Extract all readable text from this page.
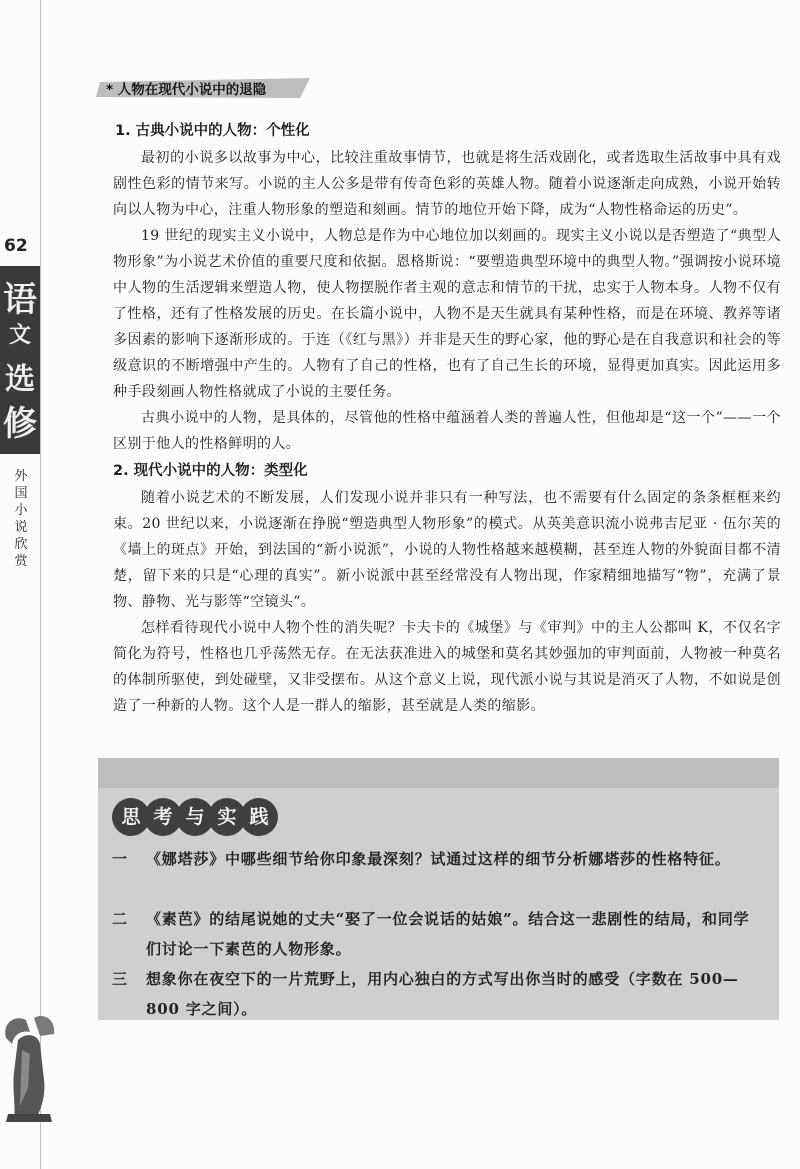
62
语
文
选
修
外
国
小
说
欣
赏
* 人物在现代小说中的退隐

1. 古典小说中的人物：个性化

最初的小说多以故事为中心，比较注重故事情节，也就是将生活戏剧化，或者选取生活故事中具有戏剧性色彩的情节来写。小说的主人公多是带有传奇色彩的英雄人物。随着小说逐渐走向成熟，小说开始转向以人物为中心，注重人物形象的塑造和刻画。情节的地位开始下降，成为“人物性格命运的历史”。

19 世纪的现实主义小说中，人物总是作为中心地位加以刻画的。现实主义小说以是否塑造了“典型人物形象”为小说艺术价值的重要尺度和依据。恩格斯说：“要塑造典型环境中的典型人物。”强调按小说环境中人物的生活逻辑来塑造人物，使人物摆脱作者主观的意志和情节的干扰，忠实于人物本身。人物不仅有了性格，还有了性格发展的历史。在长篇小说中，人物不是天生就具有某种性格，而是在环境、教养等诸多因素的影响下逐渐形成的。于连（《红与黑》）并非是天生的野心家，他的野心是在自我意识和社会的等级意识的不断增强中产生的。人物有了自己的性格，也有了自己生长的环境，显得更加真实。因此运用多种手段刻画人物性格就成了小说的主要任务。

古典小说中的人物，是具体的，尽管他的性格中蕴涵着人类的普遍人性，但他却是“这一个”——一个区别于他人的性格鲜明的人。

2. 现代小说中的人物：类型化

随着小说艺术的不断发展，人们发现小说并非只有一种写法，也不需要有什么固定的条条框框来约束。20 世纪以来，小说逐渐在挣脱“塑造典型人物形象”的模式。从英美意识流小说弗吉尼亚 · 伍尔芙的《墙上的斑点》开始，到法国的“新小说派”，小说的人物性格越来越模糊，甚至连人物的外貌面目都不清楚，留下来的只是“心理的真实”。新小说派中甚至经常没有人物出现，作家精细地描写“物”，充满了景物、静物、光与影等“空镜头”。

怎样看待现代小说中人物个性的消失呢？卡夫卡的《城堡》与《审判》中的主人公都叫 K，不仅名字简化为符号，性格也几乎荡然无存。在无法获准进入的城堡和莫名其妙强加的审判面前，人物被一种莫名的体制所驱使，到处碰壁，又非受摆布。从这个意义上说，现代派小说与其说是消灭了人物，不如说是创造了一种新的人物。这个人是一群人的缩影，甚至就是人类的缩影。

思 考 与 实 践
一	《娜塔莎》中哪些细节给你印象最深刻？试通过这样的细节分析娜塔莎的性格特征。
二	《素芭》的结尾说她的丈夫“娶了一位会说话的姑娘”。结合这一悲剧性的结局，和同学们讨论一下素芭的人物形象。
三	想象你在夜空下的一片荒野上，用内心独白的方式写出你当时的感受（字数在 500—800 字之间）。
